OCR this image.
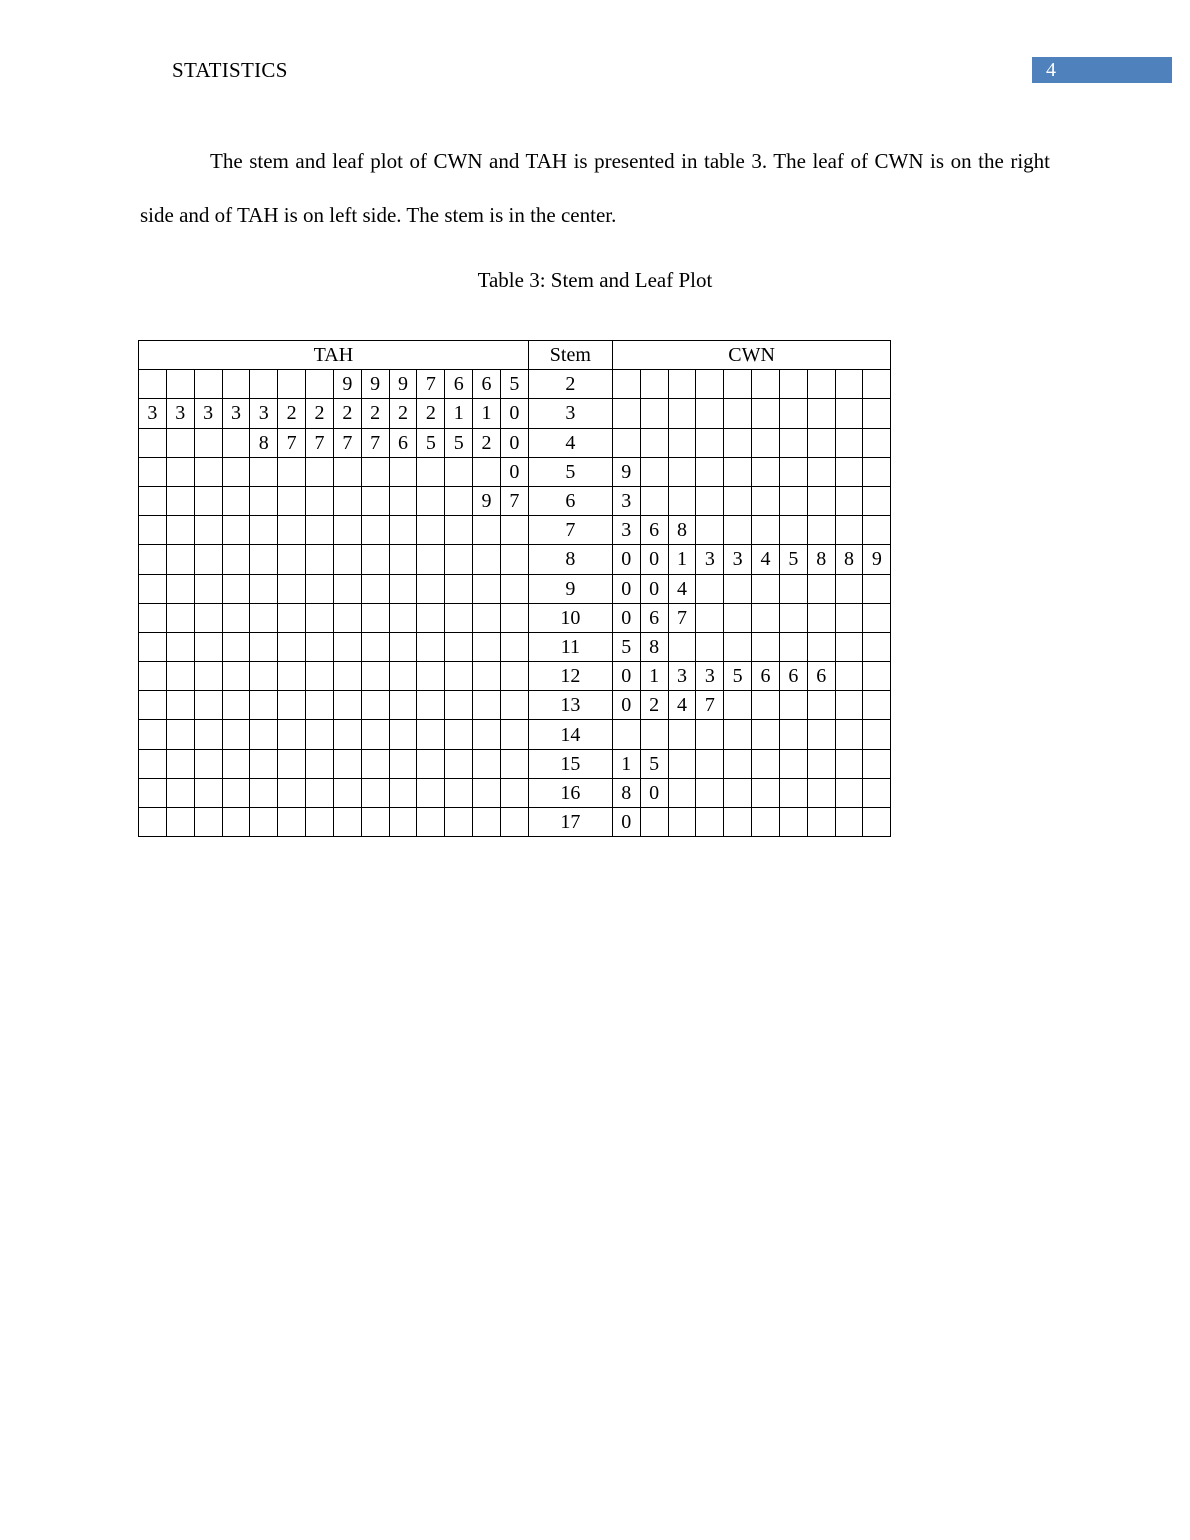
STATISTICS	4

The stem and leaf plot of CWN and TAH is presented in table 3. The leaf of CWN is on the right side and of TAH is on left side. The stem is in the center.

Table 3: Stem and Leaf Plot
TAH														Stem	CWN									
							9	9	9	7	6	6	5	2										
3	3	3	3	3	2	2	2	2	2	2	1	1	0	3										
				8	7	7	7	7	6	5	5	2	0	4										
													0	5	9									
												9	7	6	3									
														7	3	6	8							
														8	0	0	1	3	3	4	5	8	8	9
														9	0	0	4							
														10	0	6	7							
														11	5	8								
														12	0	1	3	3	5	6	6	6		
														13	0	2	4	7						
														14										
														15	1	5								
														16	8	0								
														17	0									
